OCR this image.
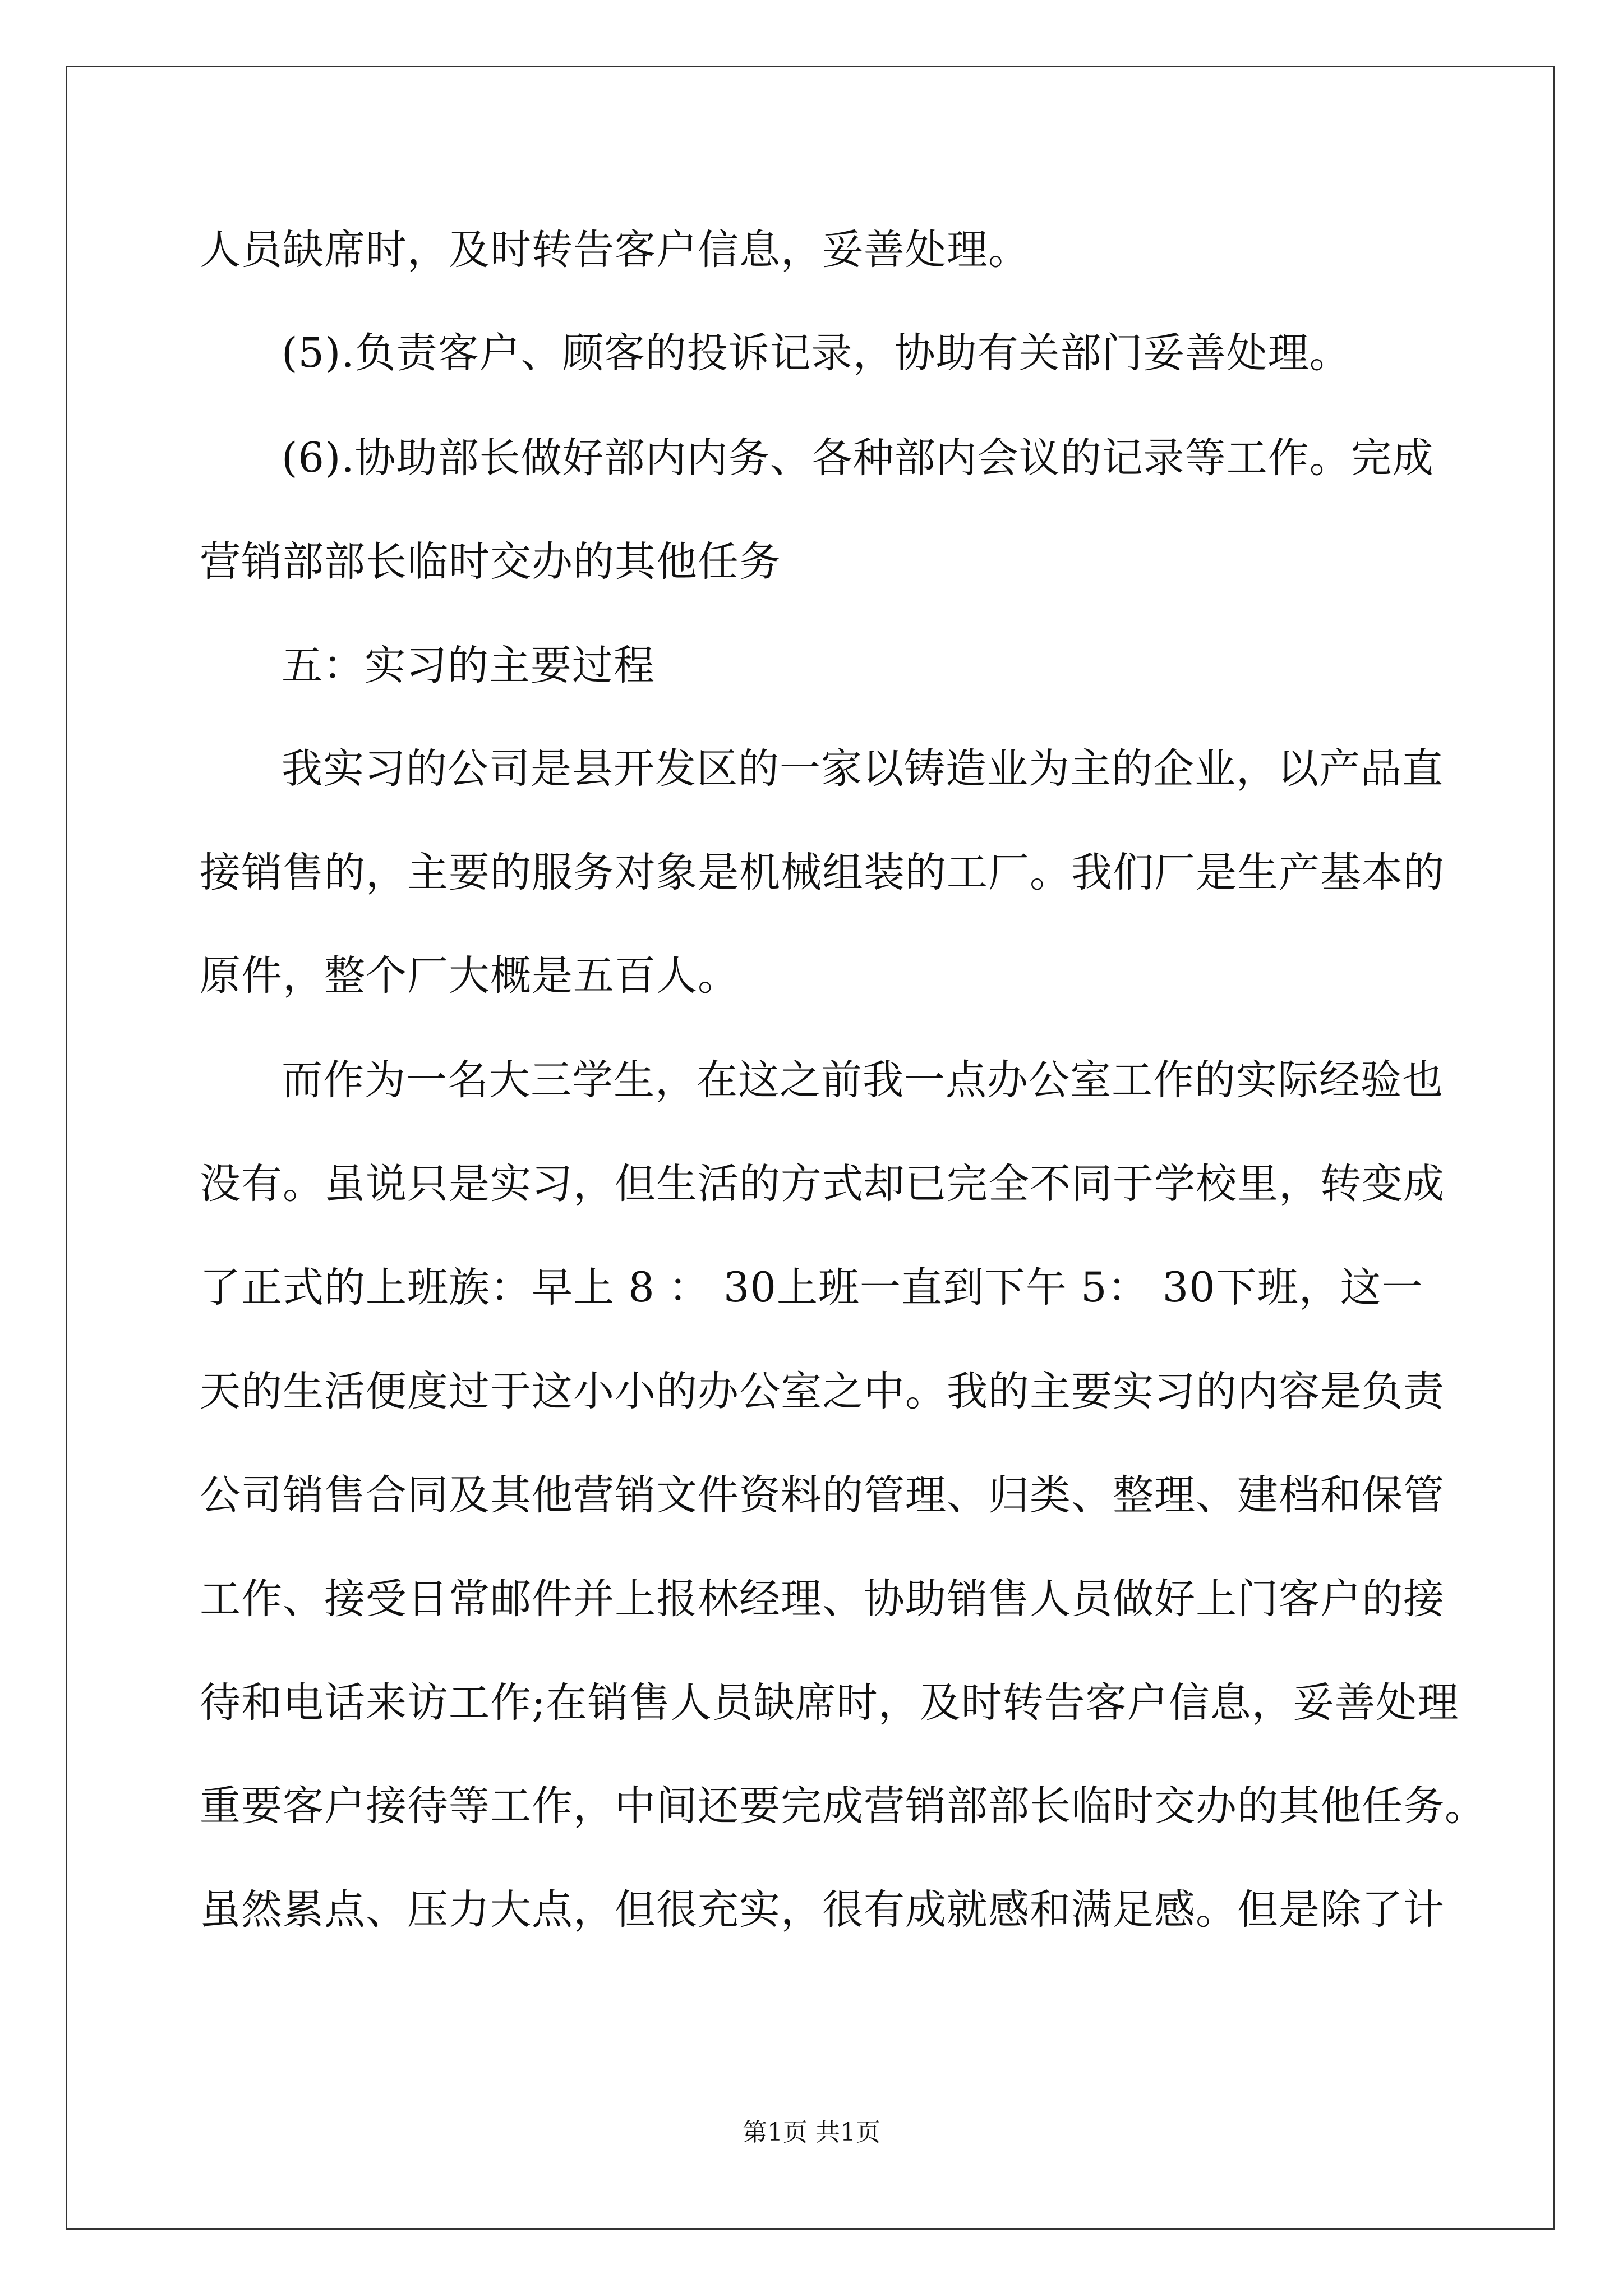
人员缺席时，及时转告客户信息，妥善处理。
(5).负责客户、顾客的投诉记录，协助有关部门妥善处理。
(6).协助部长做好部内内务、各种部内会议的记录等工作。完成
营销部部长临时交办的其他任务
五：实习的主要过程
我实习的公司是县开发区的一家以铸造业为主的企业，以产品直
接销售的，主要的服务对象是机械组装的工厂。我们厂是生产基本的
原件，整个厂大概是五百人。
而作为一名大三学生，在这之前我一点办公室工作的实际经验也
没有。虽说只是实习，但生活的方式却已完全不同于学校里，转变成
了正式的上班族：早上 8 ： 30上班一直到下午 5： 30下班，这一
天的生活便度过于这小小的办公室之中。我的主要实习的内容是负责
公司销售合同及其他营销文件资料的管理、归类、整理、建档和保管
工作、接受日常邮件并上报林经理、协助销售人员做好上门客户的接
待和电话来访工作;在销售人员缺席时，及时转告客户信息，妥善处理
重要客户接待等工作，中间还要完成营销部部长临时交办的其他任务。
虽然累点、压力大点，但很充实，很有成就感和满足感。但是除了计
第1页 共1页
